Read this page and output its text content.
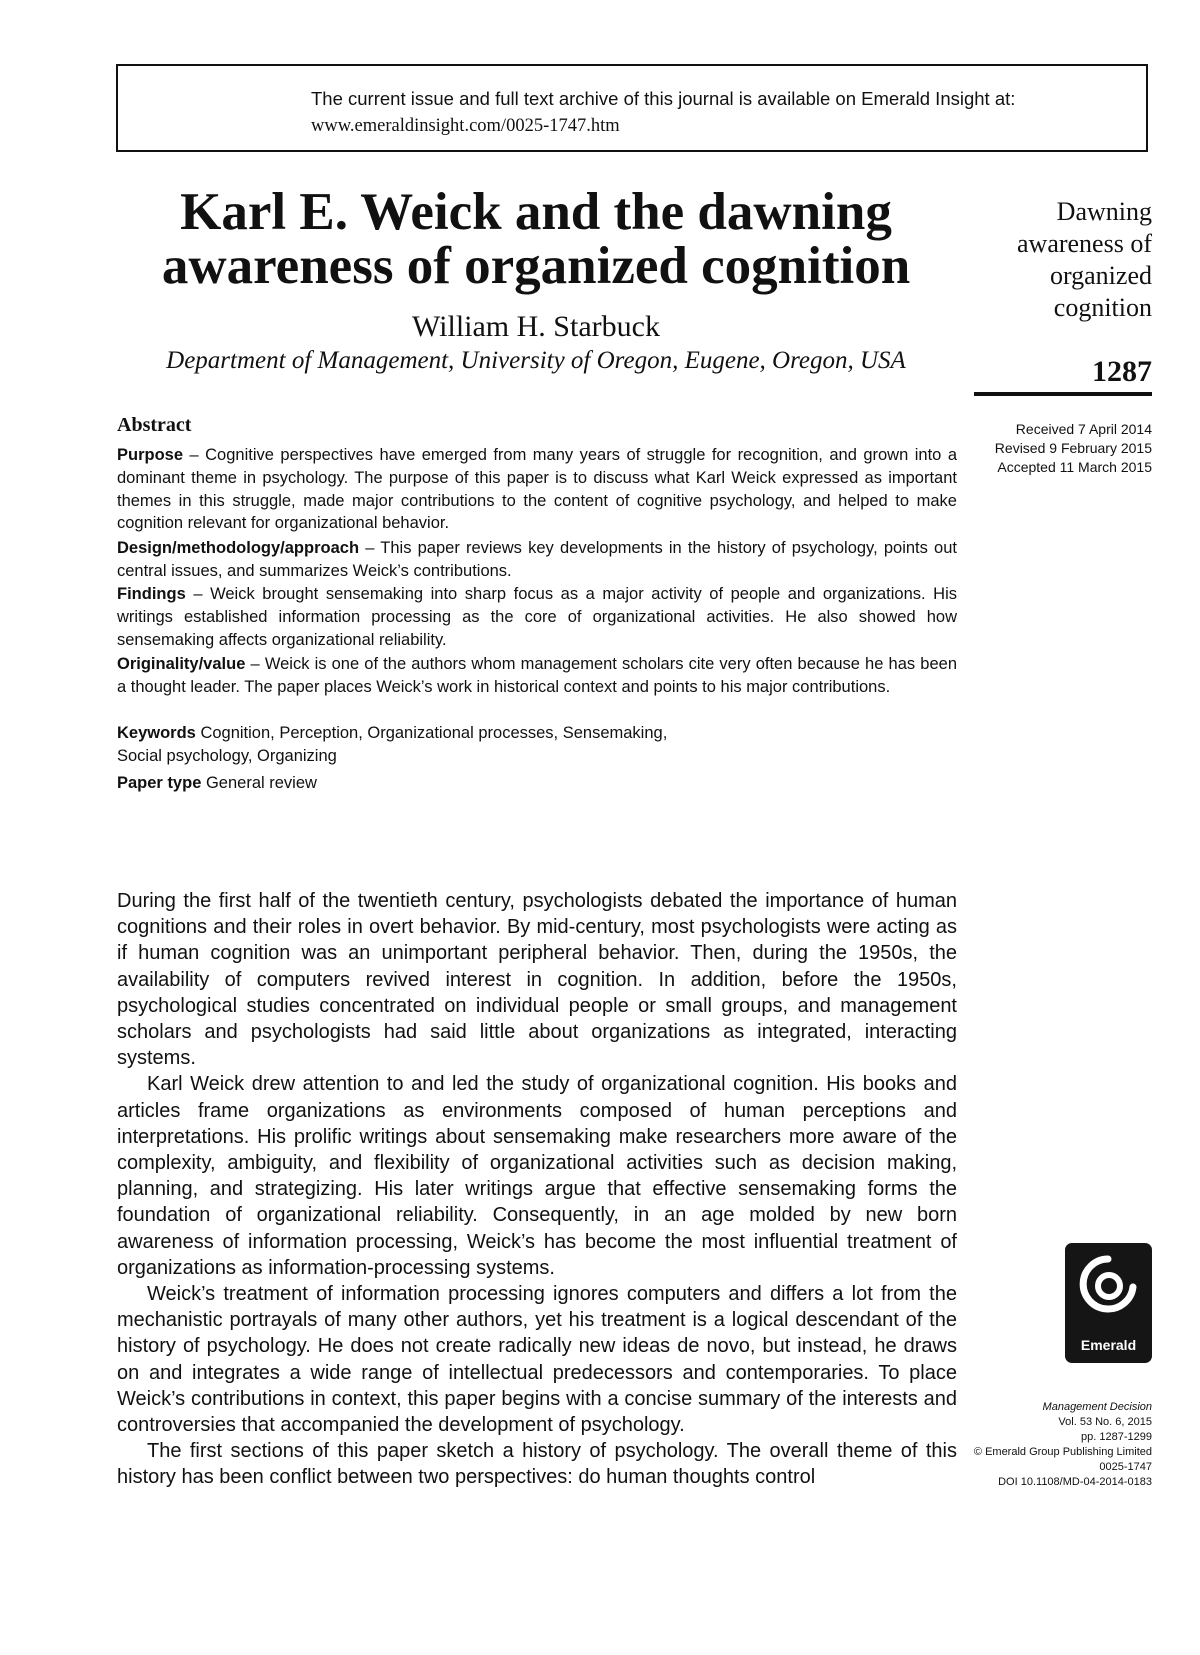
The current issue and full text archive of this journal is available on Emerald Insight at:
www.emeraldinsight.com/0025-1747.htm
Karl E. Weick and the dawning
awareness of organized cognition
William H. Starbuck
Department of Management, University of Oregon, Eugene, Oregon, USA
Dawning
awareness of
organized
cognition
1287
Received 7 April 2014
Revised 9 February 2015
Accepted 11 March 2015
Abstract
Purpose – Cognitive perspectives have emerged from many years of struggle for recognition, and grown into a dominant theme in psychology. The purpose of this paper is to discuss what Karl Weick expressed as important themes in this struggle, made major contributions to the content of cognitive psychology, and helped to make cognition relevant for organizational behavior.
Design/methodology/approach – This paper reviews key developments in the history of psychology, points out central issues, and summarizes Weick’s contributions.
Findings – Weick brought sensemaking into sharp focus as a major activity of people and organizations. His writings established information processing as the core of organizational activities. He also showed how sensemaking affects organizational reliability.
Originality/value – Weick is one of the authors whom management scholars cite very often because he has been a thought leader. The paper places Weick’s work in historical context and points to his major contributions.
Keywords Cognition, Perception, Organizational processes, Sensemaking,
Social psychology, Organizing
Paper type General review

During the first half of the twentieth century, psychologists debated the importance of human cognitions and their roles in overt behavior. By mid-century, most psychologists were acting as if human cognition was an unimportant peripheral behavior. Then, during the 1950s, the availability of computers revived interest in cognition. In addition, before the 1950s, psychological studies concentrated on individual people or small groups, and management scholars and psychologists had said little about organizations as integrated, interacting systems.

Karl Weick drew attention to and led the study of organizational cognition. His books and articles frame organizations as environments composed of human perceptions and interpretations. His prolific writings about sensemaking make researchers more aware of the complexity, ambiguity, and flexibility of organizational activities such as decision making, planning, and strategizing. His later writings argue that effective sensemaking forms the foundation of organizational reliability. Consequently, in an age molded by new born awareness of information processing, Weick’s has become the most influential treatment of organizations as information-processing systems.

Weick’s treatment of information processing ignores computers and differs a lot from the mechanistic portrayals of many other authors, yet his treatment is a logical descendant of the history of psychology. He does not create radically new ideas de novo, but instead, he draws on and integrates a wide range of intellectual predecessors and contemporaries. To place Weick’s contributions in context, this paper begins with a concise summary of the interests and controversies that accompanied the development of psychology.

The first sections of this paper sketch a history of psychology. The overall theme of this history has been conflict between two perspectives: do human thoughts control

Emerald
Management Decision
Vol. 53 No. 6, 2015
pp. 1287-1299
© Emerald Group Publishing Limited
0025-1747
DOI 10.1108/MD-04-2014-0183
